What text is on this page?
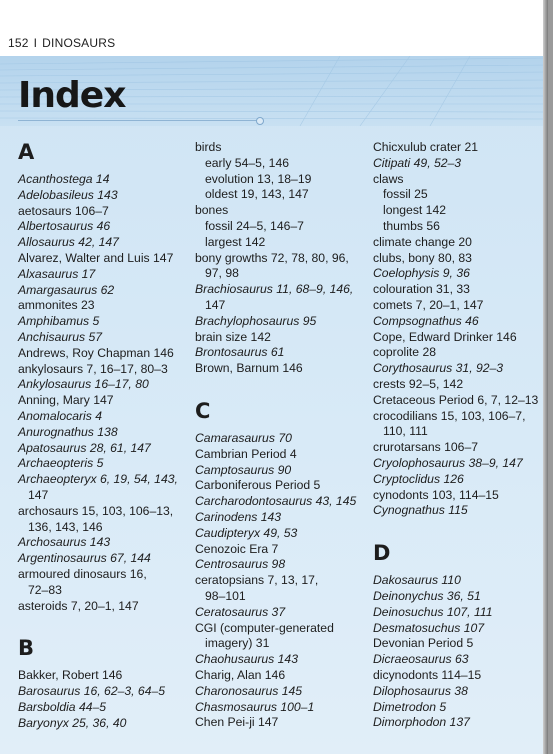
152 I DINOSAURS
Index
A
Acanthostega 14
Adelobasileus 143
aetosaurs 106–7
Albertosaurus 46
Allosaurus 42, 147
Alvarez, Walter and Luis 147
Alxasaurus 17
Amargasaurus 62
ammonites 23
Amphibamus 5
Anchisaurus 57
Andrews, Roy Chapman 146
ankylosaurs 7, 16–17, 80–3
Ankylosaurus 16–17, 80
Anning, Mary 147
Anomalocaris 4
Anurognathus 138
Apatosaurus 28, 61, 147
Archaeopteris 5
Archaeopteryx 6, 19, 54, 143,
147
archosaurs 15, 103, 106–13,
136, 143, 146
Archosaurus 143
Argentinosaurus 67, 144
armoured dinosaurs 16,
72–83
asteroids 7, 20–1, 147
B
Bakker, Robert 146
Barosaurus 16, 62–3, 64–5
Barsboldia 44–5
Baryonyx 25, 36, 40
birds
early 54–5, 146
evolution 13, 18–19
oldest 19, 143, 147
bones
fossil 24–5, 146–7
largest 142
bony growths 72, 78, 80, 96,
97, 98
Brachiosaurus 11, 68–9, 146,
147
Brachylophosaurus 95
brain size 142
Brontosaurus 61
Brown, Barnum 146
C
Camarasaurus 70
Cambrian Period 4
Camptosaurus 90
Carboniferous Period 5
Carcharodontosaurus 43, 145
Carinodens 143
Caudipteryx 49, 53
Cenozoic Era 7
Centrosaurus 98
ceratopsians 7, 13, 17,
98–101
Ceratosaurus 37
CGI (computer-generated
imagery) 31
Chaohusaurus 143
Charig, Alan 146
Charonosaurus 145
Chasmosaurus 100–1
Chen Pei-ji 147
Chicxulub crater 21
Citipati 49, 52–3
claws
fossil 25
longest 142
thumbs 56
climate change 20
clubs, bony 80, 83
Coelophysis 9, 36
colouration 31, 33
comets 7, 20–1, 147
Compsognathus 46
Cope, Edward Drinker 146
coprolite 28
Corythosaurus 31, 92–3
crests 92–5, 142
Cretaceous Period 6, 7, 12–13
crocodilians 15, 103, 106–7,
110, 111
crurotarsans 106–7
Cryolophosaurus 38–9, 147
Cryptoclidus 126
cynodonts 103, 114–15
Cynognathus 115
D
Dakosaurus 110
Deinonychus 36, 51
Deinosuchus 107, 111
Desmatosuchus 107
Devonian Period 5
Dicraeosaurus 63
dicynodonts 114–15
Dilophosaurus 38
Dimetrodon 5
Dimorphodon 137
